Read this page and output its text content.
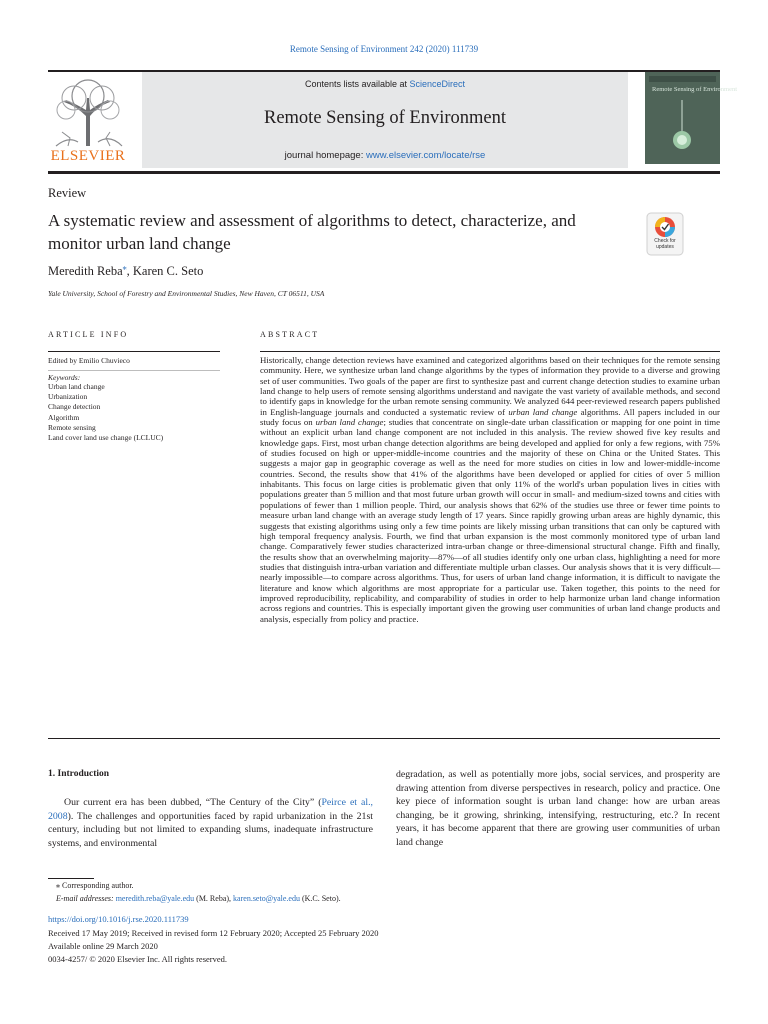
Remote Sensing of Environment 242 (2020) 111739
ELSEVIER
Contents lists available at ScienceDirect
Remote Sensing of Environment
journal homepage: www.elsevier.com/locate/rse
Remote Sensing of Environment
Review
A systematic review and assessment of algorithms to detect, characterize, and monitor urban land change	Check for updates
Meredith Reba⁎, Karen C. Seto
Yale University, School of Forestry and Environmental Studies, New Haven, CT 06511, USA
ARTICLE INFO
Edited by Emilio Chuvieco
Keywords:
Urban land change
Urbanization
Change detection
Algorithm
Remote sensing
Land cover land use change (LCLUC)
ABSTRACT

Historically, change detection reviews have examined and categorized algorithms based on their techniques for the remote sensing community. Here, we synthesize urban land change algorithms by the types of information they provide to a diverse and growing set of user communities. Two goals of the paper are first to synthesize past and current change detection studies to examine urban land change to help users of remote sensing algorithms understand and navigate the vast variety of available methods, and second to identify gaps in knowledge for the urban remote sensing community. We analyzed 644 peer-reviewed research papers published in English-language journals and conducted a systematic review of urban land change algorithms. All papers included in our study focus on urban land change; studies that concentrate on single-date urban classification or mapping for one point in time without an explicit urban land change component are not included in this analysis. The review showed five key results and knowledge gaps. First, most urban change detection algorithms are being developed and applied for only a few regions, with 75% of studies focused on high or upper-middle-income countries and the majority of these on China or the United States. This suggests a major gap in geographic coverage as well as the need for more studies on cities in low and lower-middle-income countries. Second, the results show that 41% of the algorithms have been developed or applied for cities of over 5 million inhabitants. This focus on large cities is problematic given that only 11% of the world's urban population lives in cities with populations greater than 5 million and that most future urban growth will occur in small- and medium-sized towns and cities with populations of fewer than 1 million people. Third, our analysis shows that 62% of the studies use three or fewer time points to measure urban land change with an average study length of 17 years. Since rapidly growing urban areas are highly dynamic, this suggests that existing algorithms using only a few time points are likely missing urban transitions that can only be captured with high temporal frequency analysis. Fourth, we find that urban expansion is the most commonly monitored type of urban land change. Comparatively fewer studies characterized intra-urban change or three-dimensional structural change. Fifth and finally, the results show that an overwhelming majority—87%—of all studies identify only one urban class, highlighting a need for more studies that distinguish intra-urban variation and differentiate multiple urban classes. Our analysis shows that it is very difficult—nearly impossible—to compare across algorithms. Thus, for users of urban land change information, it is difficult to navigate the literature and know which algorithms are most appropriate for a particular use. Taken together, this points to the need for improved reproducibility, replicability, and comparability of studies in order to help harmonize urban land change information across regions and countries. This is especially important given the growing user communities of urban land change products and analysis, especially from policy and practice.

1. Introduction

Our current era has been dubbed, “The Century of the City” (Peirce et al., 2008). The challenges and opportunities faced by rapid urbanization in the 21st century, including but not limited to expanding slums, inadequate infrastructure systems, and environmental

degradation, as well as potentially more jobs, social services, and prosperity are drawing attention from diverse perspectives in research, policy and practice. One key piece of information sought is urban land change: how are urban areas changing, be it growing, shrinking, intensifying, restructuring, etc.? In recent years, it has become apparent that there are growing user communities of urban land change

⁎ Corresponding author.
E-mail addresses: meredith.reba@yale.edu (M. Reba), karen.seto@yale.edu (K.C. Seto).
https://doi.org/10.1016/j.rse.2020.111739
Received 17 May 2019; Received in revised form 12 February 2020; Accepted 25 February 2020
Available online 29 March 2020
0034-4257/ © 2020 Elsevier Inc. All rights reserved.
